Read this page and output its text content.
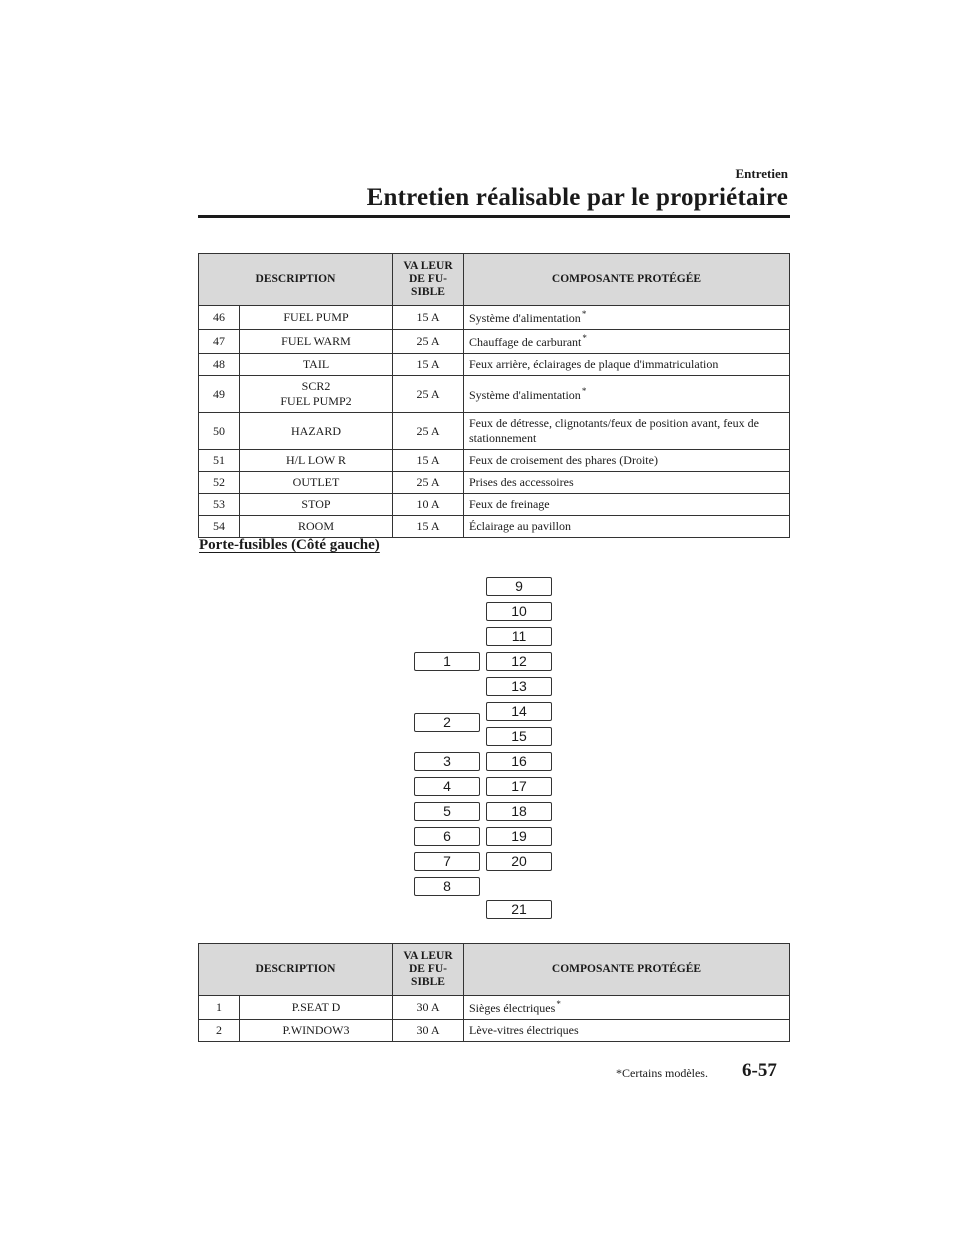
Entretien
Entretien réalisable par le propriétaire
DESCRIPTION		VA LEUR
DE FU-
SIBLE	COMPOSANTE PROTÉGÉE
46	FUEL PUMP	15 A	Système d'alimentation*
47	FUEL WARM	25 A	Chauffage de carburant*
48	TAIL	15 A	Feux arrière, éclairages de plaque d'immatriculation
49	SCR2
FUEL PUMP2	25 A	Système d'alimentation*
50	HAZARD	25 A	Feux de détresse, clignotants/feux de position avant, feux de stationnement
51	H/L LOW R	15 A	Feux de croisement des phares (Droite)
52	OUTLET	25 A	Prises des accessoires
53	STOP	10 A	Feux de freinage
54	ROOM	15 A	Éclairage au pavillon
Porte-fusibles (Côté gauche)
1
2
3
4
5
6
7
8
9
10
11
12
13
14
15
16
17
18
19
20
21
DESCRIPTION		VA LEUR
DE FU-
SIBLE	COMPOSANTE PROTÉGÉE
1	P.SEAT D	30 A	Sièges électriques*
2	P.WINDOW3	30 A	Lève-vitres électriques
*Certains modèles. 6-57
